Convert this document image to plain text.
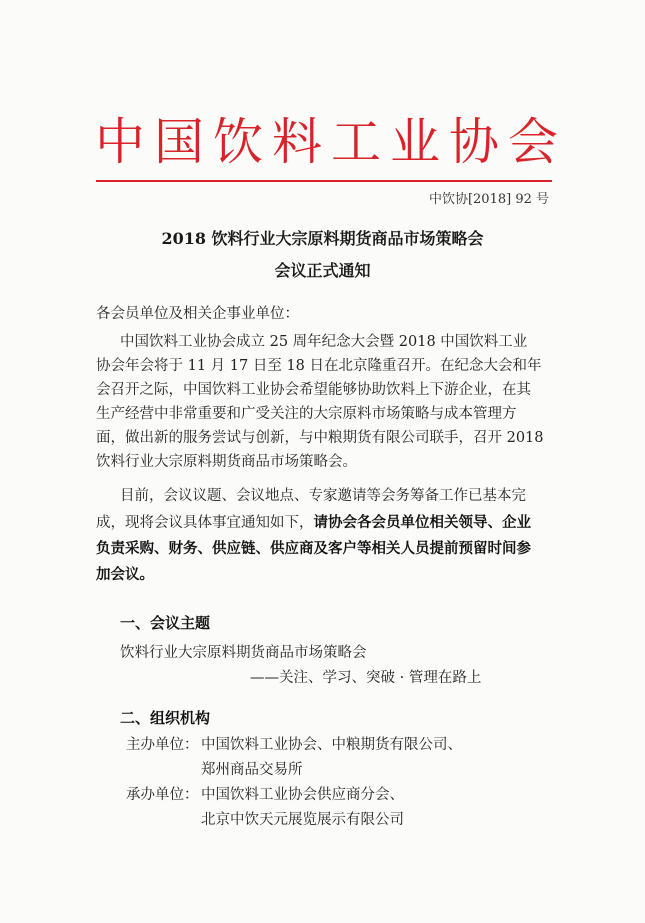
中国饮料工业协会
中饮协[2018] 92 号
2018 饮料行业大宗原料期货商品市场策略会
会议正式通知
各会员单位及相关企事业单位：
中国饮料工业协会成立 25 周年纪念大会暨 2018 中国饮料工业
协会年会将于 11 月 17 日至 18 日在北京隆重召开。在纪念大会和年
会召开之际，中国饮料工业协会希望能够协助饮料上下游企业，在其
生产经营中非常重要和广受关注的大宗原料市场策略与成本管理方
面，做出新的服务尝试与创新，与中粮期货有限公司联手，召开 2018
饮料行业大宗原料期货商品市场策略会。
目前，会议议题、会议地点、专家邀请等会务筹备工作已基本完
成，现将会议具体事宜通知如下，请协会各会员单位相关领导、企业
负责采购、财务、供应链、供应商及客户等相关人员提前预留时间参
加会议。
一、会议主题
饮料行业大宗原料期货商品市场策略会
——关注、学习、突破 · 管理在路上
二、组织机构
主办单位： 中国饮料工业协会、中粮期货有限公司、
郑州商品交易所
承办单位： 中国饮料工业协会供应商分会、
北京中饮天元展览展示有限公司
